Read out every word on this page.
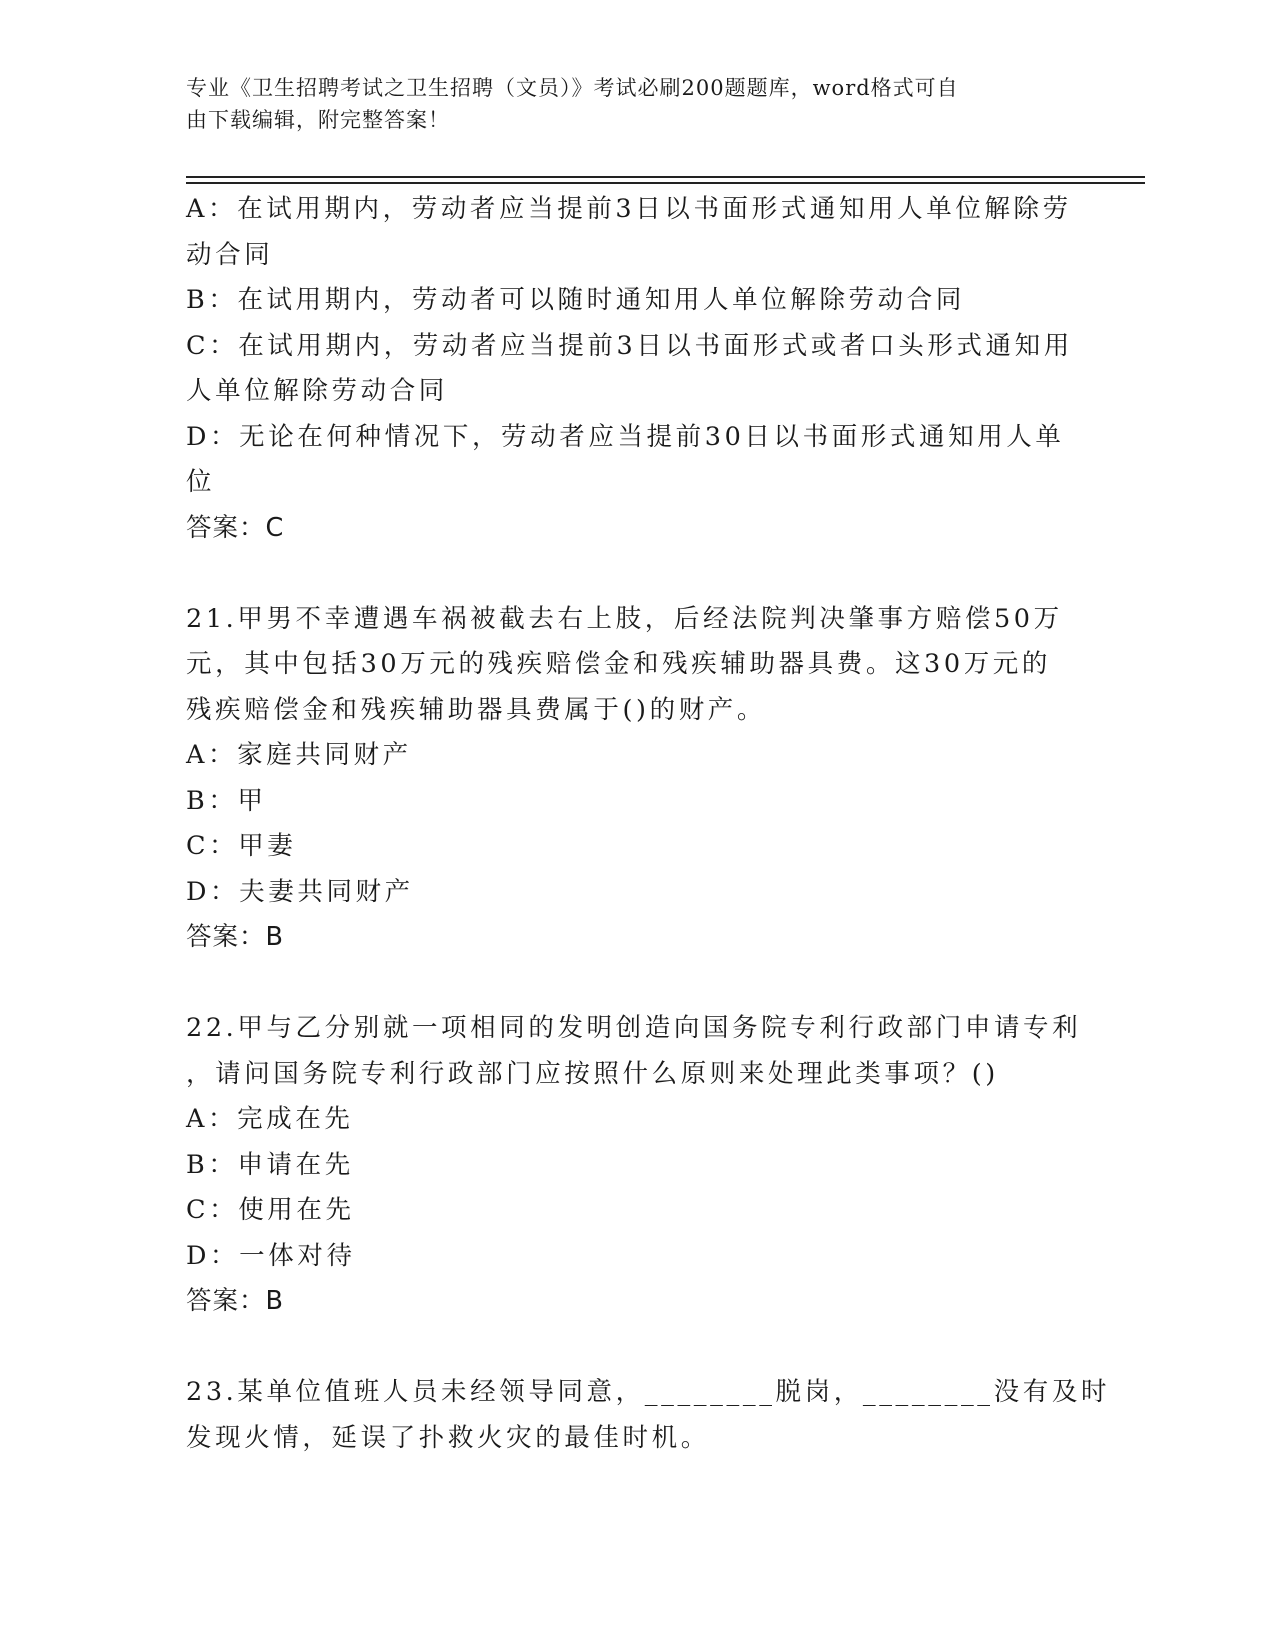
专业《卫生招聘考试之卫生招聘（文员）》考试必刷200题题库，word格式可自
由下载编辑，附完整答案！
A：在试用期内，劳动者应当提前3日以书面形式通知用人单位解除劳
动合同
B：在试用期内，劳动者可以随时通知用人单位解除劳动合同
C：在试用期内，劳动者应当提前3日以书面形式或者口头形式通知用
人单位解除劳动合同
D：无论在何种情况下，劳动者应当提前30日以书面形式通知用人单
位
答案：C
21.甲男不幸遭遇车祸被截去右上肢，后经法院判决肇事方赔偿50万
元，其中包括30万元的残疾赔偿金和残疾辅助器具费。这30万元的
残疾赔偿金和残疾辅助器具费属于()的财产。
A：家庭共同财产
B：甲
C：甲妻
D：夫妻共同财产
答案：B
22.甲与乙分别就一项相同的发明创造向国务院专利行政部门申请专利
，请问国务院专利行政部门应按照什么原则来处理此类事项？()
A：完成在先
B：申请在先
C：使用在先
D：一体对待
答案：B
23.某单位值班人员未经领导同意，________脱岗，________没有及时
发现火情，延误了扑救火灾的最佳时机。
